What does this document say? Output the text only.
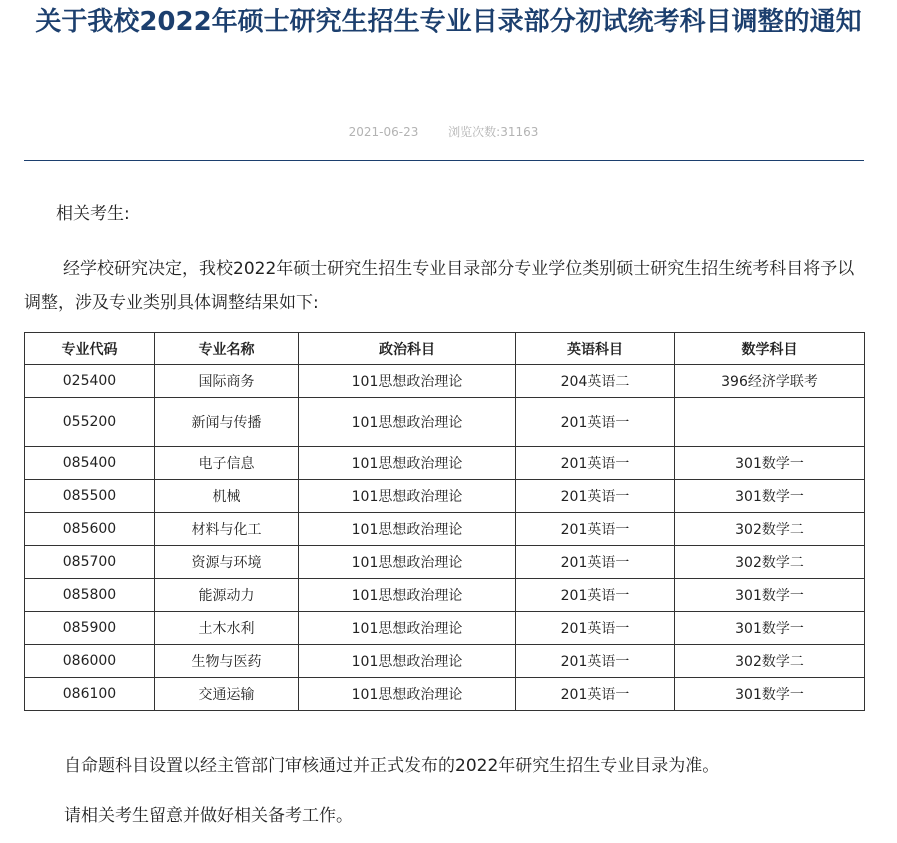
关于我校2022年硕士研究生招生专业目录部分初试统考科目调整的通知
2021-06-23 浏览次数:31163

相关考生:

经学校研究决定，我校2022年硕士研究生招生专业目录部分专业学位类别硕士研究生招生统考科目将予以调整，涉及专业类别具体调整结果如下:

专业代码	专业名称	政治科目	英语科目	数学科目
025400	国际商务	101思想政治理论	204英语二	396经济学联考
055200	新闻与传播	101思想政治理论	201英语一	
085400	电子信息	101思想政治理论	201英语一	301数学一
085500	机械	101思想政治理论	201英语一	301数学一
085600	材料与化工	101思想政治理论	201英语一	302数学二
085700	资源与环境	101思想政治理论	201英语一	302数学二
085800	能源动力	101思想政治理论	201英语一	301数学一
085900	土木水利	101思想政治理论	201英语一	301数学一
086000	生物与医药	101思想政治理论	201英语一	302数学二
086100	交通运输	101思想政治理论	201英语一	301数学一

自命题科目设置以经主管部门审核通过并正式发布的2022年研究生招生专业目录为准。

请相关考生留意并做好相关备考工作。
